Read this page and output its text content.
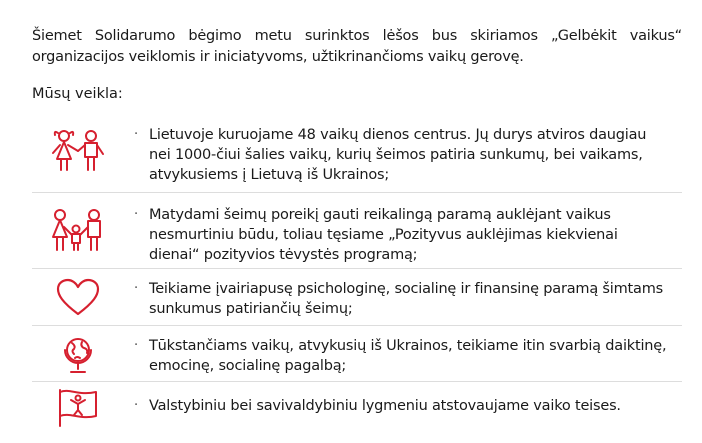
Šiemet Solidarumo bėgimo metu surinktos lėšos bus skiriamos „Gelbėkit vaikus“ organizacijos veiklomis ir iniciatyvoms, užtikrinančioms vaikų gerovę.

Mūsų veikla:

· Lietuvoje kuruojame 48 vaikų dienos centrus. Jų durys atviros daugiau nei 1000-čiui šalies vaikų, kurių šeimos patiria sunkumų, bei vaikams, atvykusiems į Lietuvą iš Ukrainos;

· Matydami šeimų poreikį gauti reikalingą paramą auklėjant vaikus nesmurtiniu būdu, toliau tęsiame „Pozityvus auklėjimas kiekvienai dienai“ pozityvios tėvystės programą;

· Teikiame įvairiapusę psichologinę, socialinę ir finansinę paramą šimtams sunkumus patiriančių šeimų;

· Tūkstančiams vaikų, atvykusių iš Ukrainos, teikiame itin svarbią daiktinę, emocinę, socialinę pagalbą;

· Valstybiniu bei savivaldybiniu lygmeniu atstovaujame vaiko teises.
